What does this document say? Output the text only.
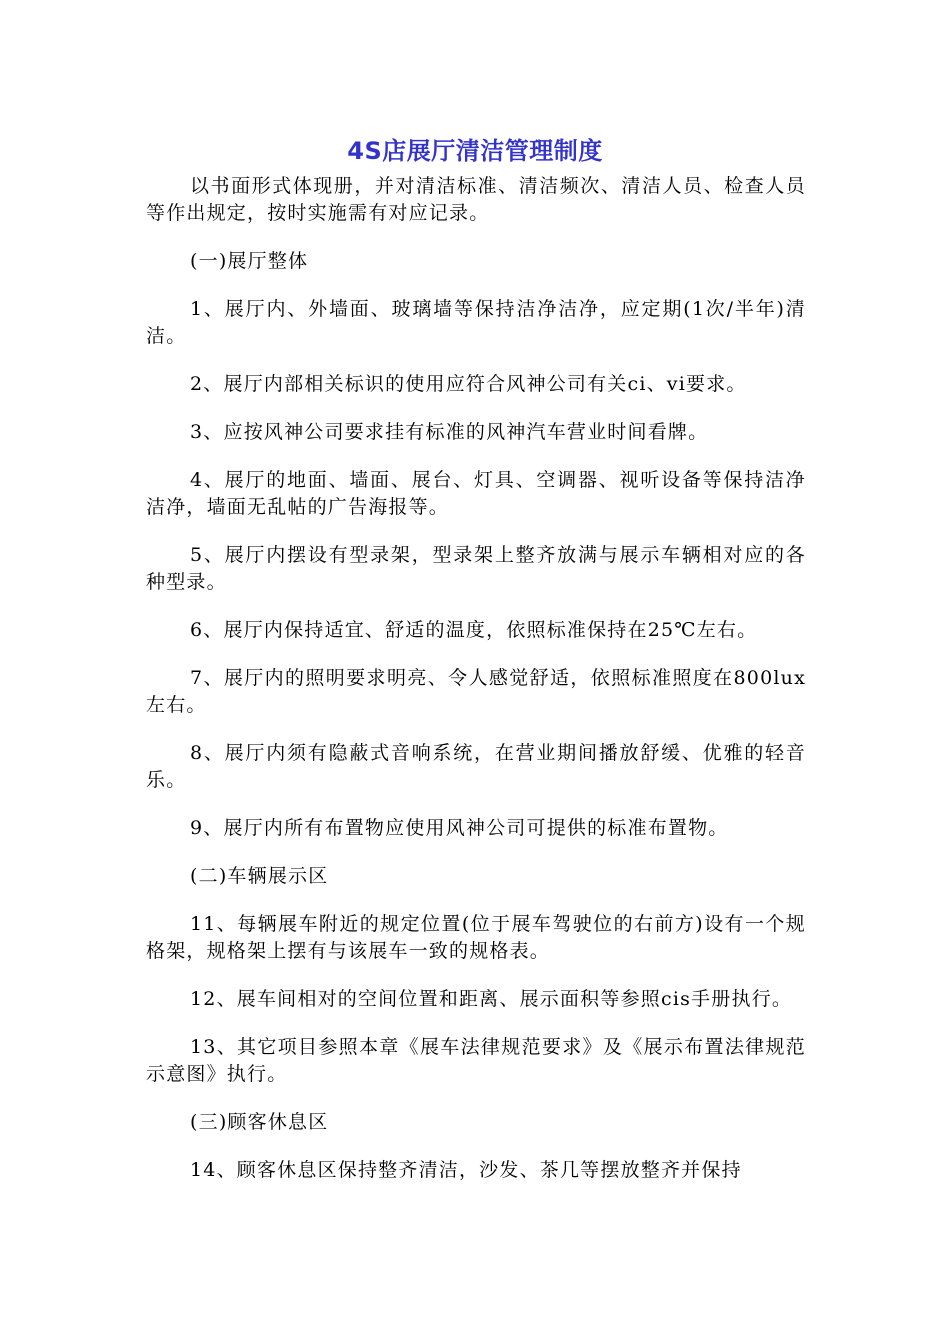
4S店展厅清洁管理制度

以书面形式体现册，并对清洁标准、清洁频次、清洁人员、检查人员等作出规定，按时实施需有对应记录。

(一)展厅整体

1、展厅内、外墙面、玻璃墙等保持洁净洁净，应定期(1次/半年)清洁。

2、展厅内部相关标识的使用应符合风神公司有关ci、vi要求。

3、应按风神公司要求挂有标准的风神汽车营业时间看牌。

4、展厅的地面、墙面、展台、灯具、空调器、视听设备等保持洁净洁净，墙面无乱帖的广告海报等。

5、展厅内摆设有型录架，型录架上整齐放满与展示车辆相对应的各种型录。

6、展厅内保持适宜、舒适的温度，依照标准保持在25℃左右。

7、展厅内的照明要求明亮、令人感觉舒适，依照标准照度在800lux左右。

8、展厅内须有隐蔽式音响系统，在营业期间播放舒缓、优雅的轻音乐。

9、展厅内所有布置物应使用风神公司可提供的标准布置物。

(二)车辆展示区

11、每辆展车附近的规定位置(位于展车驾驶位的右前方)设有一个规格架，规格架上摆有与该展车一致的规格表。

12、展车间相对的空间位置和距离、展示面积等参照cis手册执行。

13、其它项目参照本章《展车法律规范要求》及《展示布置法律规范示意图》执行。

(三)顾客休息区

14、顾客休息区保持整齐清洁，沙发、茶几等摆放整齐并保持
